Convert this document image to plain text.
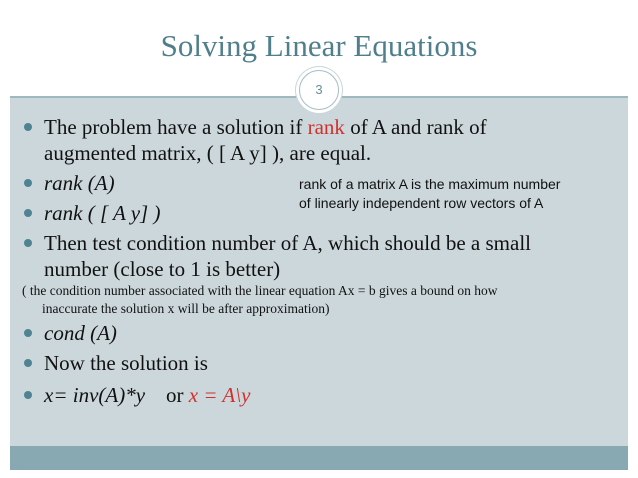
Solving Linear Equations
3
The problem have a solution if rank of A and rank of
augmented matrix, ( [ A y] ), are equal.
rank (A)
rank ( [ A y] )
Then test condition number of A, which should be a small
number (close to 1 is better)
( the condition number associated with the linear equation Ax = b gives a bound on how
inaccurate the solution x will be after approximation)
cond (A)
Now the solution is
x= inv(A)*y or x = A\y
rank of a matrix A is the maximum number
of linearly independent row vectors of A
